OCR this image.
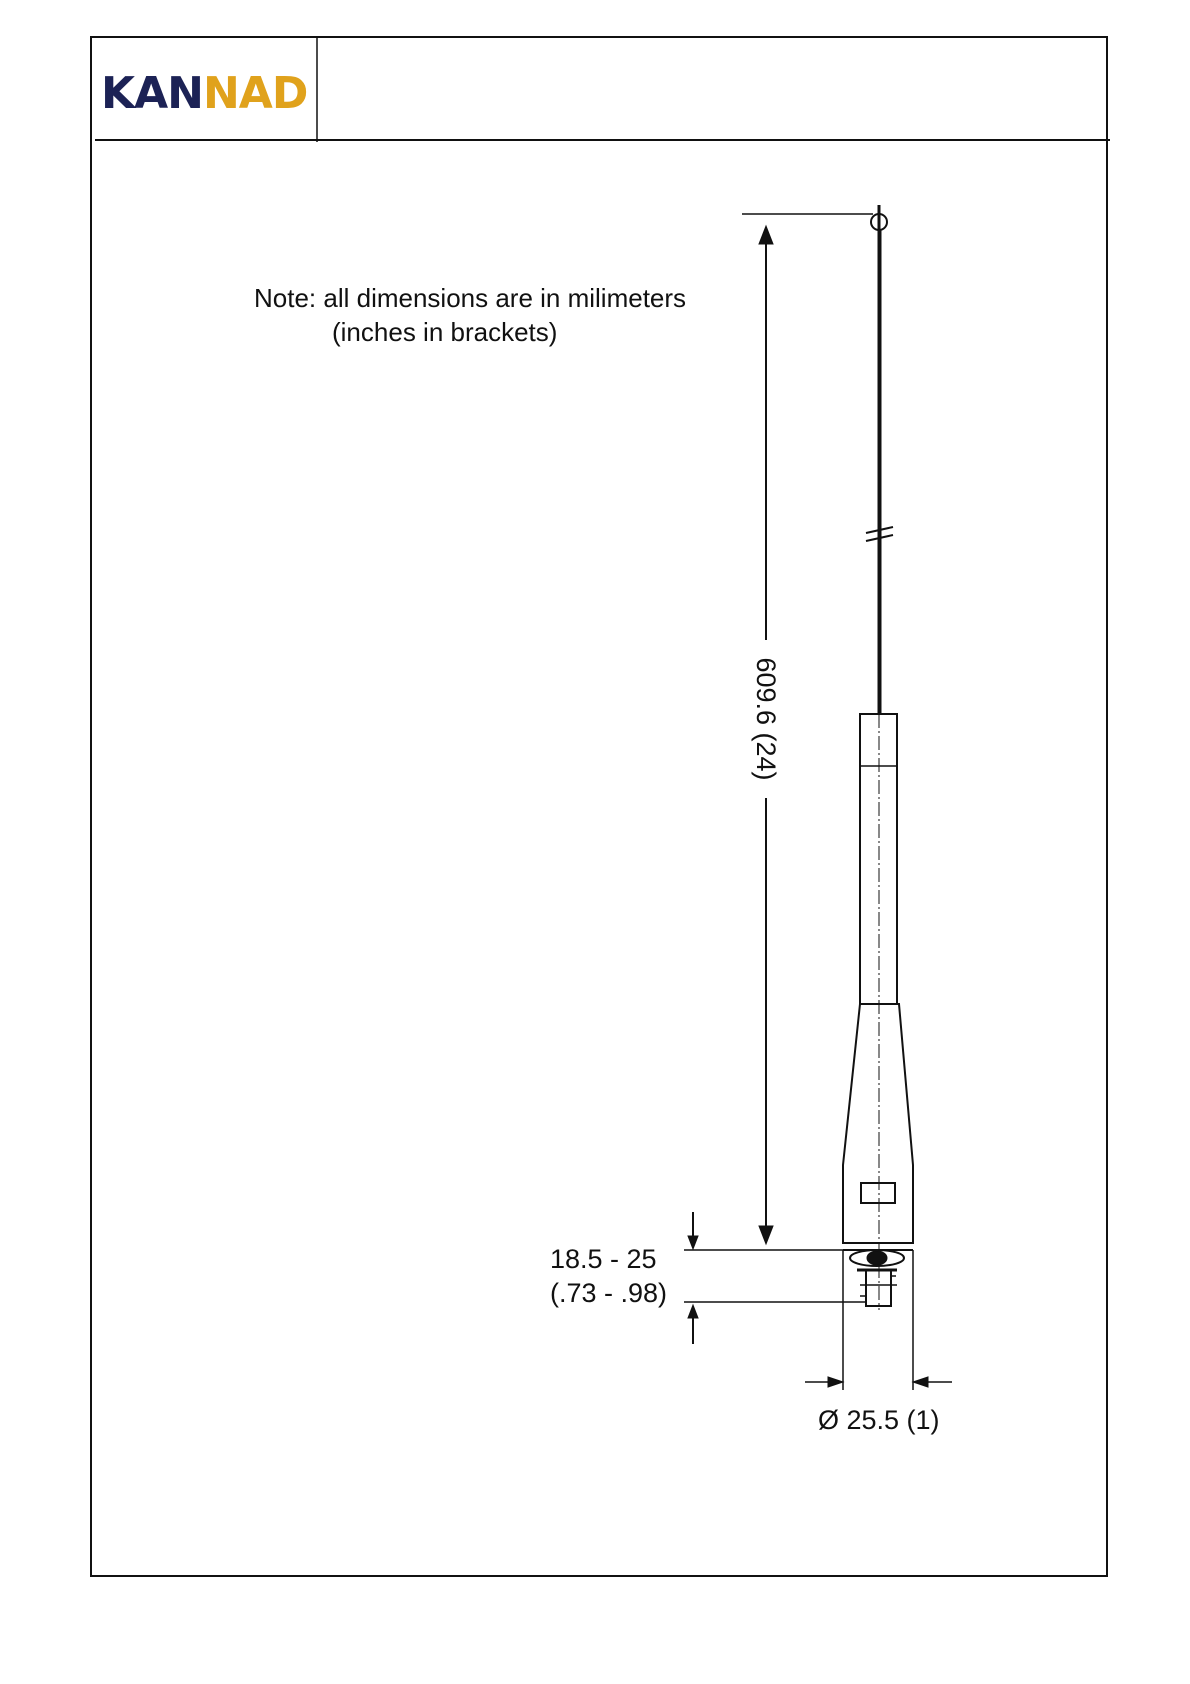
KANNAD
Note: all dimensions are in milimeters
(inches in brackets)
609.6 (24)
18.5 - 25
(.73 - .98)
Ø 25.5 (1)
